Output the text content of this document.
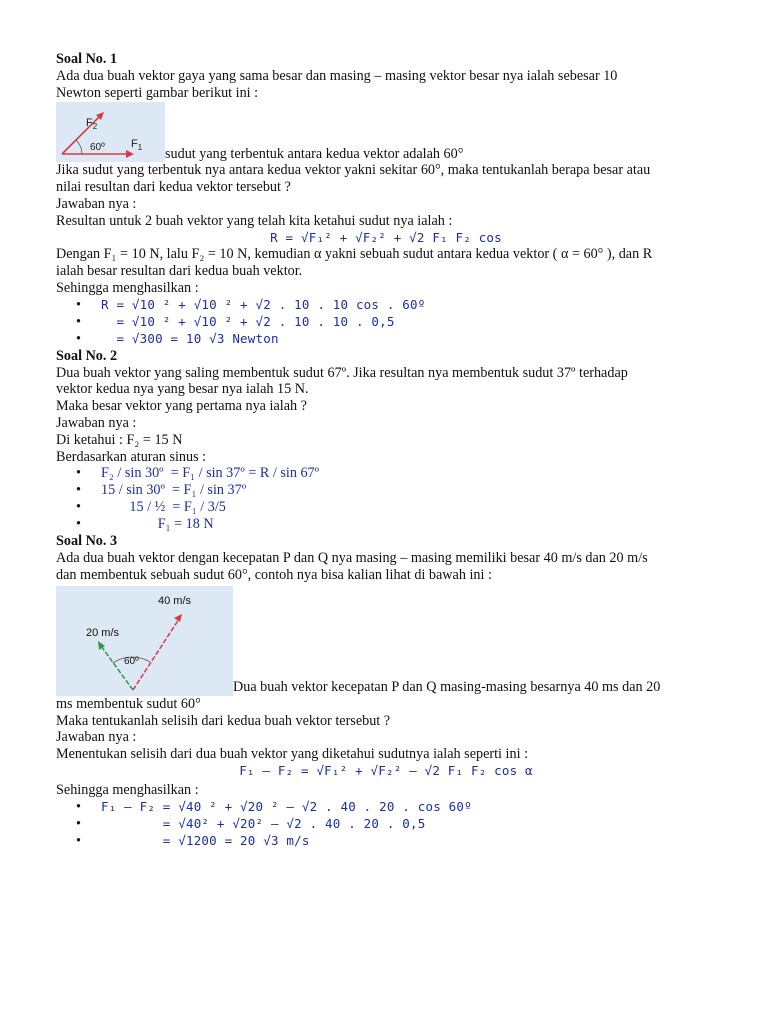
Soal No. 1
Ada dua buah vektor gaya yang sama besar dan masing – masing vektor besar nya ialah sebesar 10
Newton seperti gambar berikut ini :
$F_2$
60º $F_1$ sudut yang terbentuk antara kedua vektor adalah 60°
Jika sudut yang terbentuk nya antara kedua vektor yakni sekitar 60°, maka tentukanlah berapa besar atau
nilai resultan dari kedua vektor tersebut ?
Jawaban nya :
Resultan untuk 2 buah vektor yang telah kita ketahui sudut nya ialah :
R = √F₁² + √F₂² + √2 F₁ F₂ cos
Dengan F₁ = 10 N, lalu F₂ = 10 N, kemudian α yakni sebuah sudut antara kedua vektor ( α = 60° ), dan R
ialah besar resultan dari kedua buah vektor.
Sehingga menghasilkan :
• R = √10 ² + √10 ² + √2 . 10 . 10 cos . 60º
• = √10 ² + √10 ² + √2 . 10 . 10 . 0,5
• = √300 = 10 √3 Newton
Soal No. 2
Dua buah vektor yang saling membentuk sudut 67º. Jika resultan nya membentuk sudut 37º terhadap
vektor kedua nya yang besar nya ialah 15 N.
Maka besar vektor yang pertama nya ialah ?
Jawaban nya :
Di ketahui : F₂ = 15 N
Berdasarkan aturan sinus :
• F₂ / sin 30º  = F₁ / sin 37º = R / sin 67º
• 15 / sin 30º  = F₁ / sin 37º
• 15 / ½  = F₁ / 3/5
• F₁ = 18 N
Soal No. 3
Ada dua buah vektor dengan kecepatan P dan Q nya masing – masing memiliki besar 40 m/s dan 20 m/s
dan membentuk sebuah sudut 60°, contoh nya bisa kalian lihat di bawah ini :
40 m/s
20 m/s
60º
Dua buah vektor kecepatan P dan Q masing-masing besarnya 40 ms dan 20
ms membentuk sudut 60°
Maka tentukanlah selisih dari kedua buah vektor tersebut ?
Jawaban nya :
Menentukan selisih dari dua buah vektor yang diketahui sudutnya ialah seperti ini :
F₁ – F₂ = √F₁² + √F₂² – √2 F₁ F₂ cos α
Sehingga menghasilkan :
• F₁ – F₂ = √40 ² + √20 ² – √2 . 40 . 20 . cos 60º
• = √40² + √20² – √2 . 40 . 20 . 0,5
• = √1200 = 20 √3 m/s
